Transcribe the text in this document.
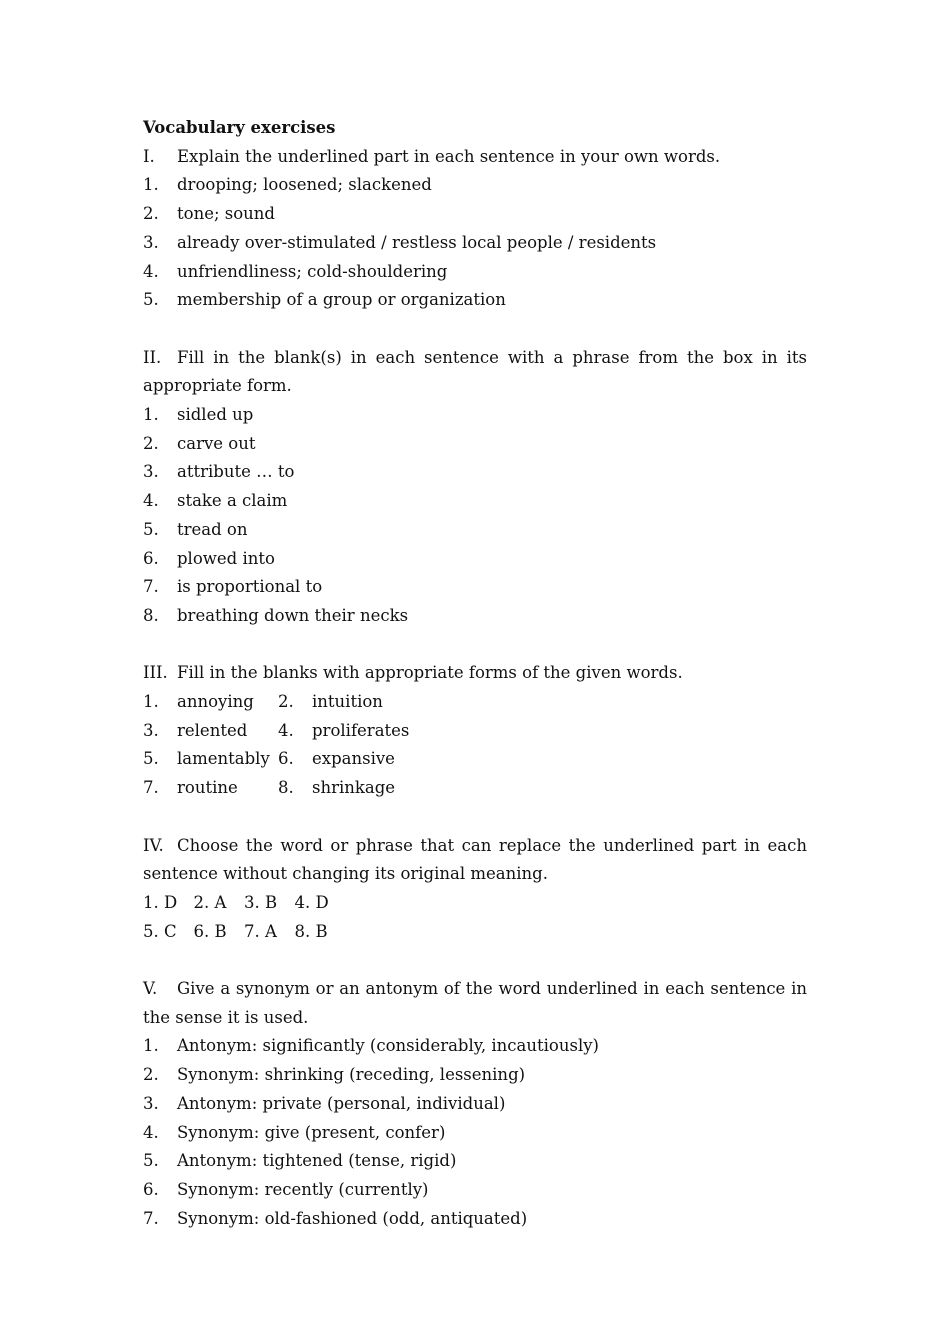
Vocabulary exercises
I.	Explain the underlined part in each sentence in your own words.
1.	drooping; loosened; slackened
2.	tone; sound
3.	already over-stimulated / restless local people / residents
4.	unfriendliness; cold-shouldering
5.	membership of a group or organization
II. Fill in the blank(s) in each sentence with a phrase from the box in its appropriate form.
1.	sidled up
2.	carve out
3.	attribute … to
4.	stake a claim
5.	tread on
6.	plowed into
7.	is proportional to
8.	breathing down their necks
III. Fill in the blanks with appropriate forms of the given words.
1.	annoying 2.	intuition
3.	relented 4.	proliferates
5.	lamentably 6.	expansive
7.	routine 8.	shrinkage
IV. Choose the word or phrase that can replace the underlined part in each sentence without changing its original meaning.
1. D 2. A	3. B	4. D
5. C	6. B	7. A	8. B
V. Give a synonym or an antonym of the word underlined in each sentence in the sense it is used.
1.	Antonym: significantly (considerably, incautiously)
2.	Synonym: shrinking (receding, lessening)
3.	Antonym: private (personal, individual)
4.	Synonym: give (present, confer)
5.	Antonym: tightened (tense, rigid)
6.	Synonym: recently (currently)
7.	Synonym: old-fashioned (odd, antiquated)
